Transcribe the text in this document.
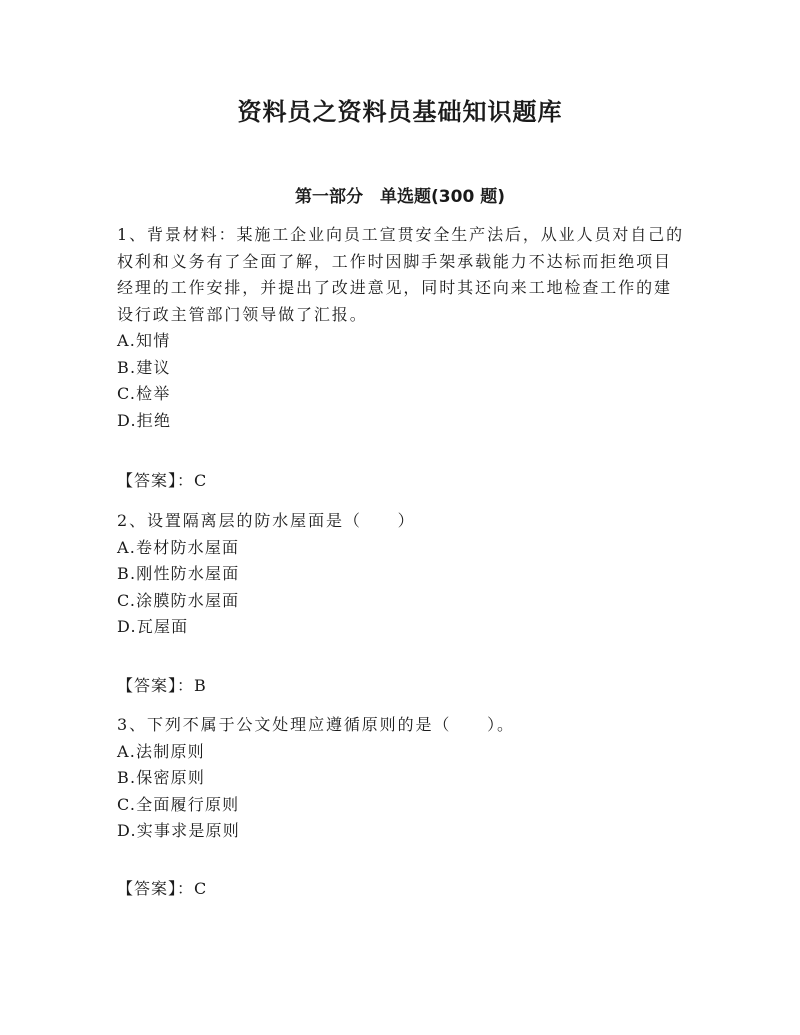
资料员之资料员基础知识题库
第一部分　单选题(300 题)

1、背景材料：某施工企业向员工宣贯安全生产法后，从业人员对自己的权利和义务有了全面了解，工作时因脚手架承载能力不达标而拒绝项目经理的工作安排，并提出了改进意见，同时其还向来工地检查工作的建设行政主管部门领导做了汇报。

A.知情

B.建议

C.检举

D.拒绝

【答案】：C

2、设置隔离层的防水屋面是（　　）

A.卷材防水屋面

B.刚性防水屋面

C.涂膜防水屋面

D.瓦屋面

【答案】：B

3、下列不属于公文处理应遵循原则的是（　　）。

A.法制原则

B.保密原则

C.全面履行原则

D.实事求是原则

【答案】：C
